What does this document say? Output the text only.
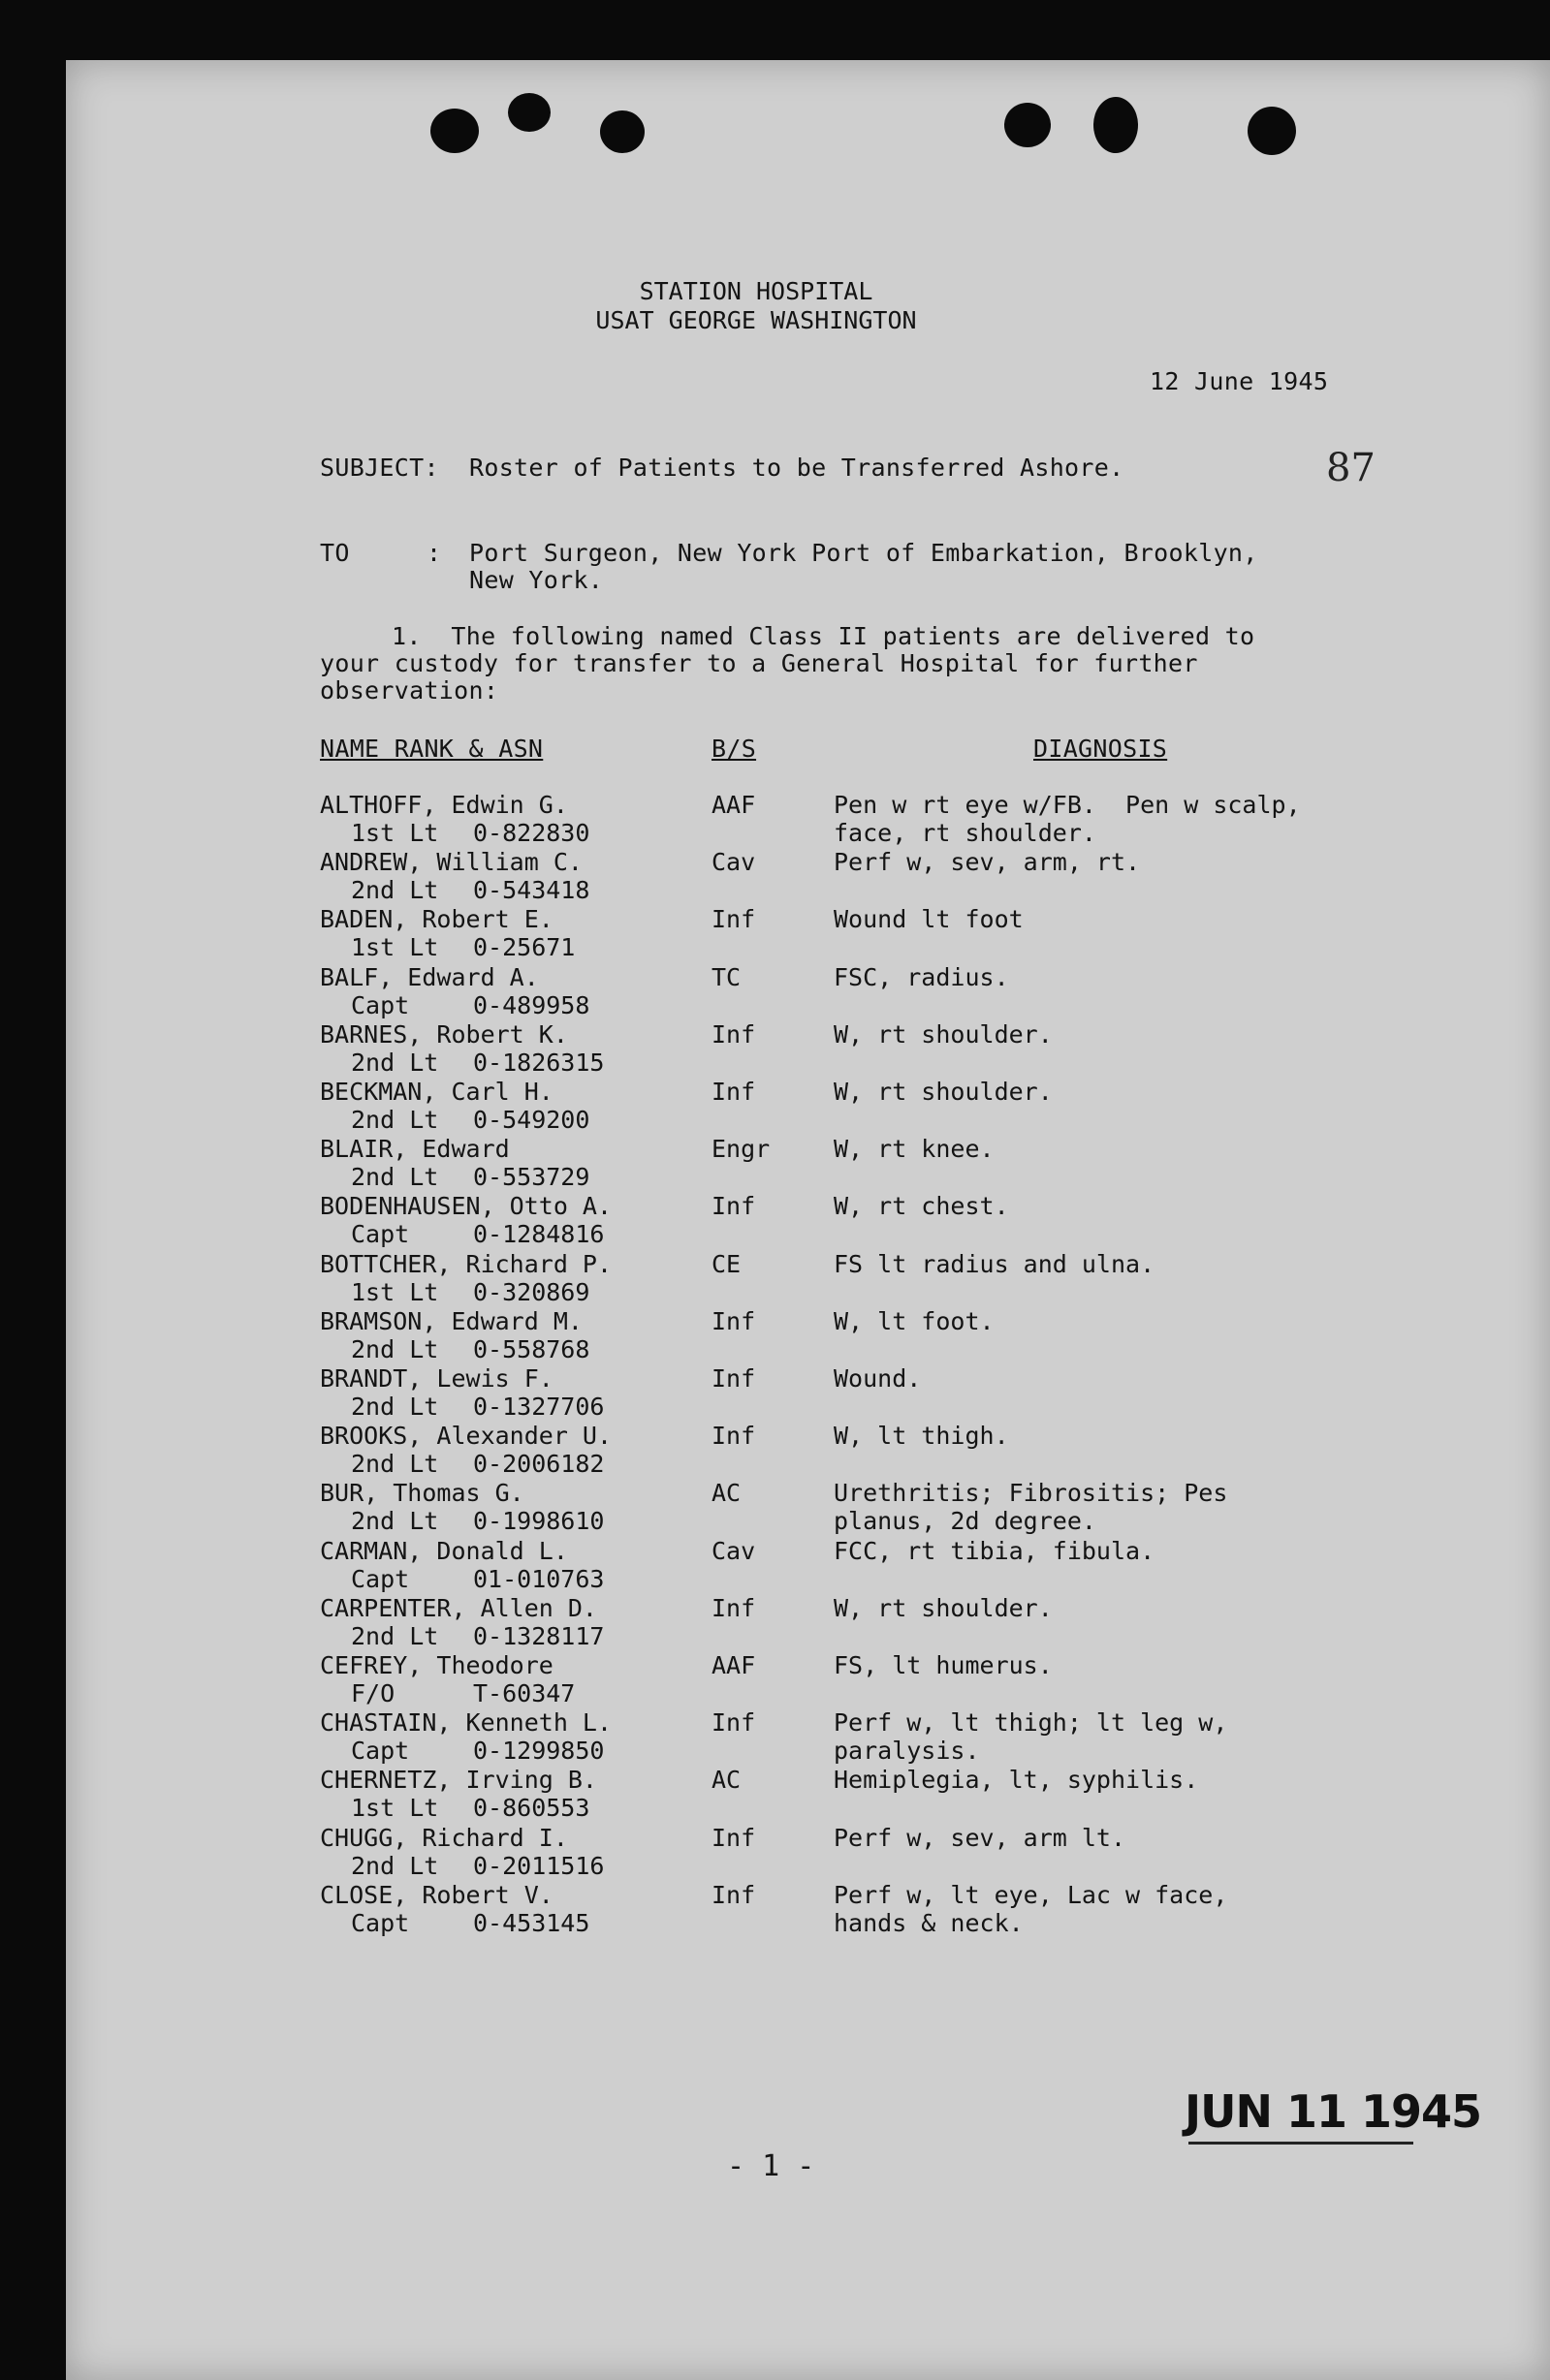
STATION HOSPITAL
USAT GEORGE WASHINGTON
12 June 1945
87
SUBJECT: Roster of Patients to be Transferred Ashore.
TO	: Port Surgeon, New York Port of Embarkation, Brooklyn,
New York.
1.  The following named Class II patients are delivered to
your custody for transfer to a General Hospital for further
observation:
NAME RANK & ASN	B/S	DIAGNOSIS
ALTHOFF, Edwin G.
1st Lt 0-822830
AAF	Pen w rt eye w/FB.  Pen w scalp,
face, rt shoulder.
ANDREW, William C.
2nd Lt 0-543418
Cav	Perf w, sev, arm, rt.
BADEN, Robert E.
1st Lt 0-25671
Inf	Wound lt foot
BALF, Edward A.
Capt	0-489958
TC	FSC, radius.
BARNES, Robert K.
2nd Lt 0-1826315
Inf	W, rt shoulder.
BECKMAN, Carl H.
2nd Lt 0-549200
Inf	W, rt shoulder.
BLAIR, Edward
2nd Lt 0-553729
Engr	W, rt knee.
BODENHAUSEN, Otto A.
Capt	0-1284816
Inf	W, rt chest.
BOTTCHER, Richard P.
1st Lt 0-320869
CE	FS lt radius and ulna.
BRAMSON, Edward M.
2nd Lt 0-558768
Inf	W, lt foot.
BRANDT, Lewis F.
2nd Lt 0-1327706
Inf	Wound.
BROOKS, Alexander U.
2nd Lt 0-2006182
Inf	W, lt thigh.
BUR, Thomas G.
2nd Lt 0-1998610
AC	Urethritis; Fibrositis; Pes
planus, 2d degree.
CARMAN, Donald L.
Capt	01-010763
Cav	FCC, rt tibia, fibula.
CARPENTER, Allen D.
2nd Lt 0-1328117
Inf	W, rt shoulder.
CEFREY, Theodore
F/O	T-60347
AAF	FS, lt humerus.
CHASTAIN, Kenneth L.
Capt	0-1299850
Inf	Perf w, lt thigh; lt leg w,
paralysis.
CHERNETZ, Irving B.
1st Lt 0-860553
AC	Hemiplegia, lt, syphilis.
CHUGG, Richard I.
2nd Lt 0-2011516
Inf	Perf w, sev, arm lt.
CLOSE, Robert V.
Capt	0-453145
Inf	Perf w, lt eye, Lac w face,
hands & neck.
- 1 -
JUN 11 1945
